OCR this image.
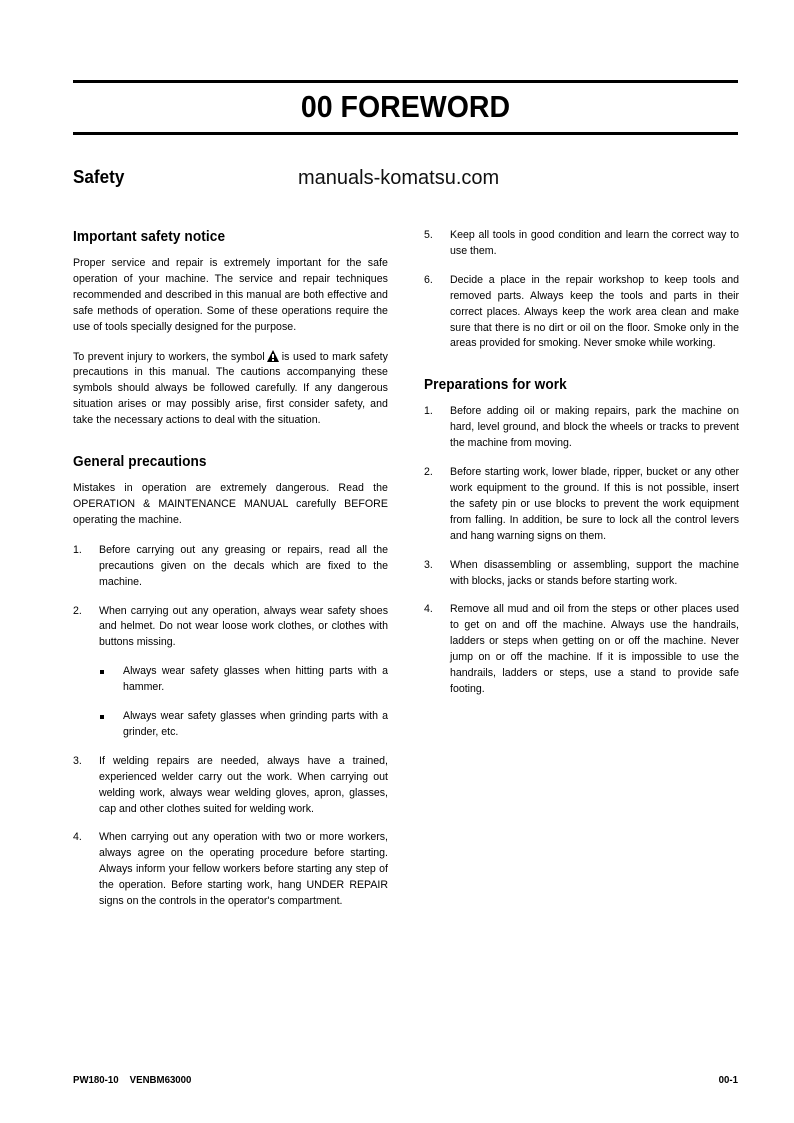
00 FOREWORD
Safety	manuals-komatsu.com
Important safety notice

Proper service and repair is extremely important for the safe operation of your machine. The service and repair techniques recommended and described in this manual are both effective and safe methods of operation. Some of these operations require the use of tools specially designed for the purpose.

To prevent injury to workers, the symbol is used to mark safety precautions in this manual. The cautions accompanying these symbols should always be followed carefully. If any dangerous situation arises or may possibly arise, first consider safety, and take the necessary actions to deal with the situation.

General precautions

Mistakes in operation are extremely dangerous. Read the OPERATION & MAINTENANCE MANUAL carefully BEFORE operating the machine.

1.	Before carrying out any greasing or repairs, read all the precautions given on the decals which are fixed to the machine.
2.	When carrying out any operation, always wear safety shoes and helmet. Do not wear loose work clothes, or clothes with buttons missing.
Always wear safety glasses when hitting parts with a hammer.
Always wear safety glasses when grinding parts with a grinder, etc.
3.	If welding repairs are needed, always have a trained, experienced welder carry out the work. When carrying out welding work, always wear welding gloves, apron, glasses, cap and other clothes suited for welding work.
4.	When carrying out any operation with two or more workers, always agree on the operating procedure before starting. Always inform your fellow workers before starting any step of the operation. Before starting work, hang UNDER REPAIR signs on the controls in the operator's compartment.
5.	Keep all tools in good condition and learn the correct way to use them.
6.	Decide a place in the repair workshop to keep tools and removed parts. Always keep the tools and parts in their correct places. Always keep the work area clean and make sure that there is no dirt or oil on the floor. Smoke only in the areas provided for smoking. Never smoke while working.
Preparations for work
1.	Before adding oil or making repairs, park the machine on hard, level ground, and block the wheels or tracks to prevent the machine from moving.
2.	Before starting work, lower blade, ripper, bucket or any other work equipment to the ground. If this is not possible, insert the safety pin or use blocks to prevent the work equipment from falling. In addition, be sure to lock all the control levers and hang warning signs on them.
3.	When disassembling or assembling, support the machine with blocks, jacks or stands before starting work.
4.	Remove all mud and oil from the steps or other places used to get on and off the machine. Always use the handrails, ladders or steps when getting on or off the machine. Never jump on or off the machine. If it is impossible to use the handrails, ladders or steps, use a stand to provide safe footing.
PW180-10 VENBM63000	00-1
